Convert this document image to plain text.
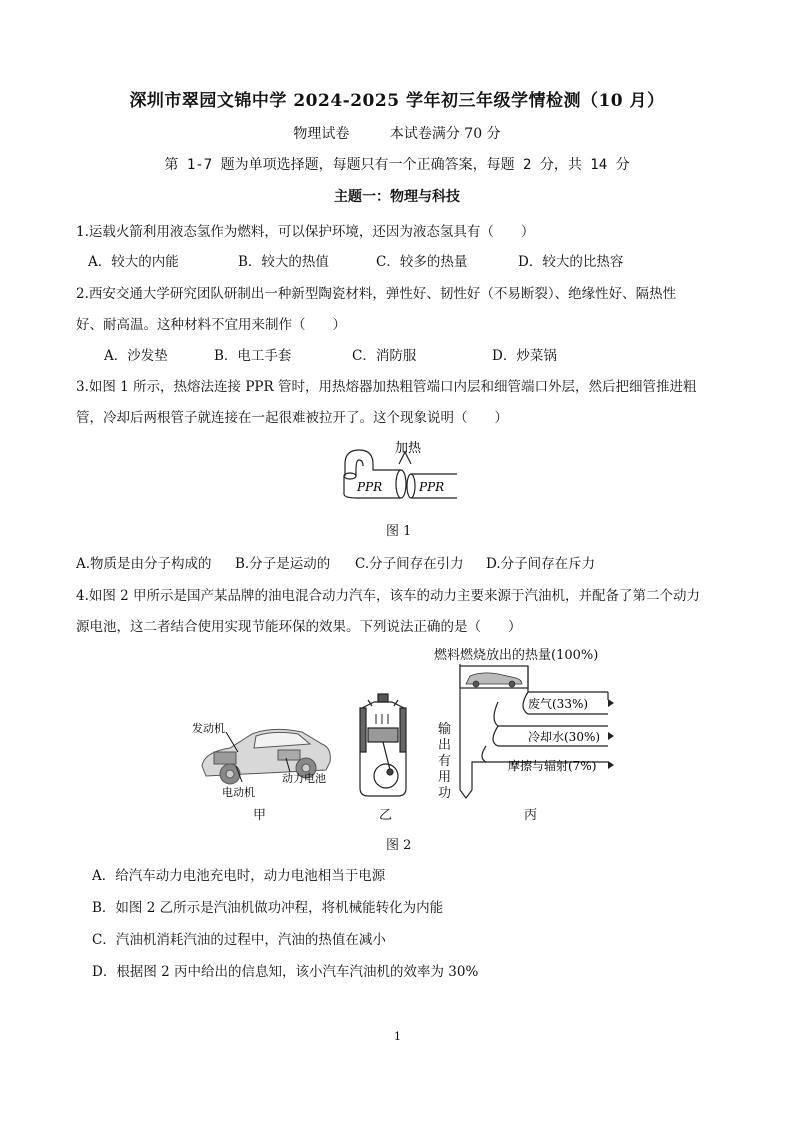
深圳市翠园文锦中学 2024-2025 学年初三年级学情检测（10 月）
物理试卷	本试卷满分 70 分
第 1-7 题为单项选择题，每题只有一个正确答案，每题 2 分，共 14 分
主题一：物理与科技
1.运载火箭利用液态氢作为燃料，可以保护环境，还因为液态氢具有（　　）
A．较大的内能	B．较大的热值	C．较多的热量	D．较大的比热容
2.西安交通大学研究团队研制出一种新型陶瓷材料，弹性好、韧性好（不易断裂）、绝缘性好、隔热性
好、耐高温。这种材料不宜用来制作（　　）
A．沙发垫	B．电工手套	C．消防服	D．炒菜锅
3.如图 1 所示，热熔法连接 PPR 管时，用热熔器加热粗管端口内层和细管端口外层，然后把细管推进粗
管，冷却后两根管子就连接在一起很难被拉开了。这个现象说明（　　）
加热
PPR	PPR
图 1
A.物质是由分子构成的 B.分子是运动的 C.分子间存在引力 D.分子间存在斥力
4.如图 2 甲所示是国产某品牌的油电混合动力汽车，该车的动力主要来源于汽油机，并配备了第二个动力
源电池，这二者结合使用实现节能环保的效果。下列说法正确的是（　　）
发动机
电动机
动力电池
甲	乙
燃料燃烧放出的热量(100%)
废气(33%)
冷却水(30%)
摩擦与辐射(7%)
输出有用功
丙
图 2
A．给汽车动力电池充电时，动力电池相当于电源
B．如图 2 乙所示是汽油机做功冲程，将机械能转化为内能
C．汽油机消耗汽油的过程中，汽油的热值在减小
D．根据图 2 丙中给出的信息知，该小汽车汽油机的效率为 30%
1
